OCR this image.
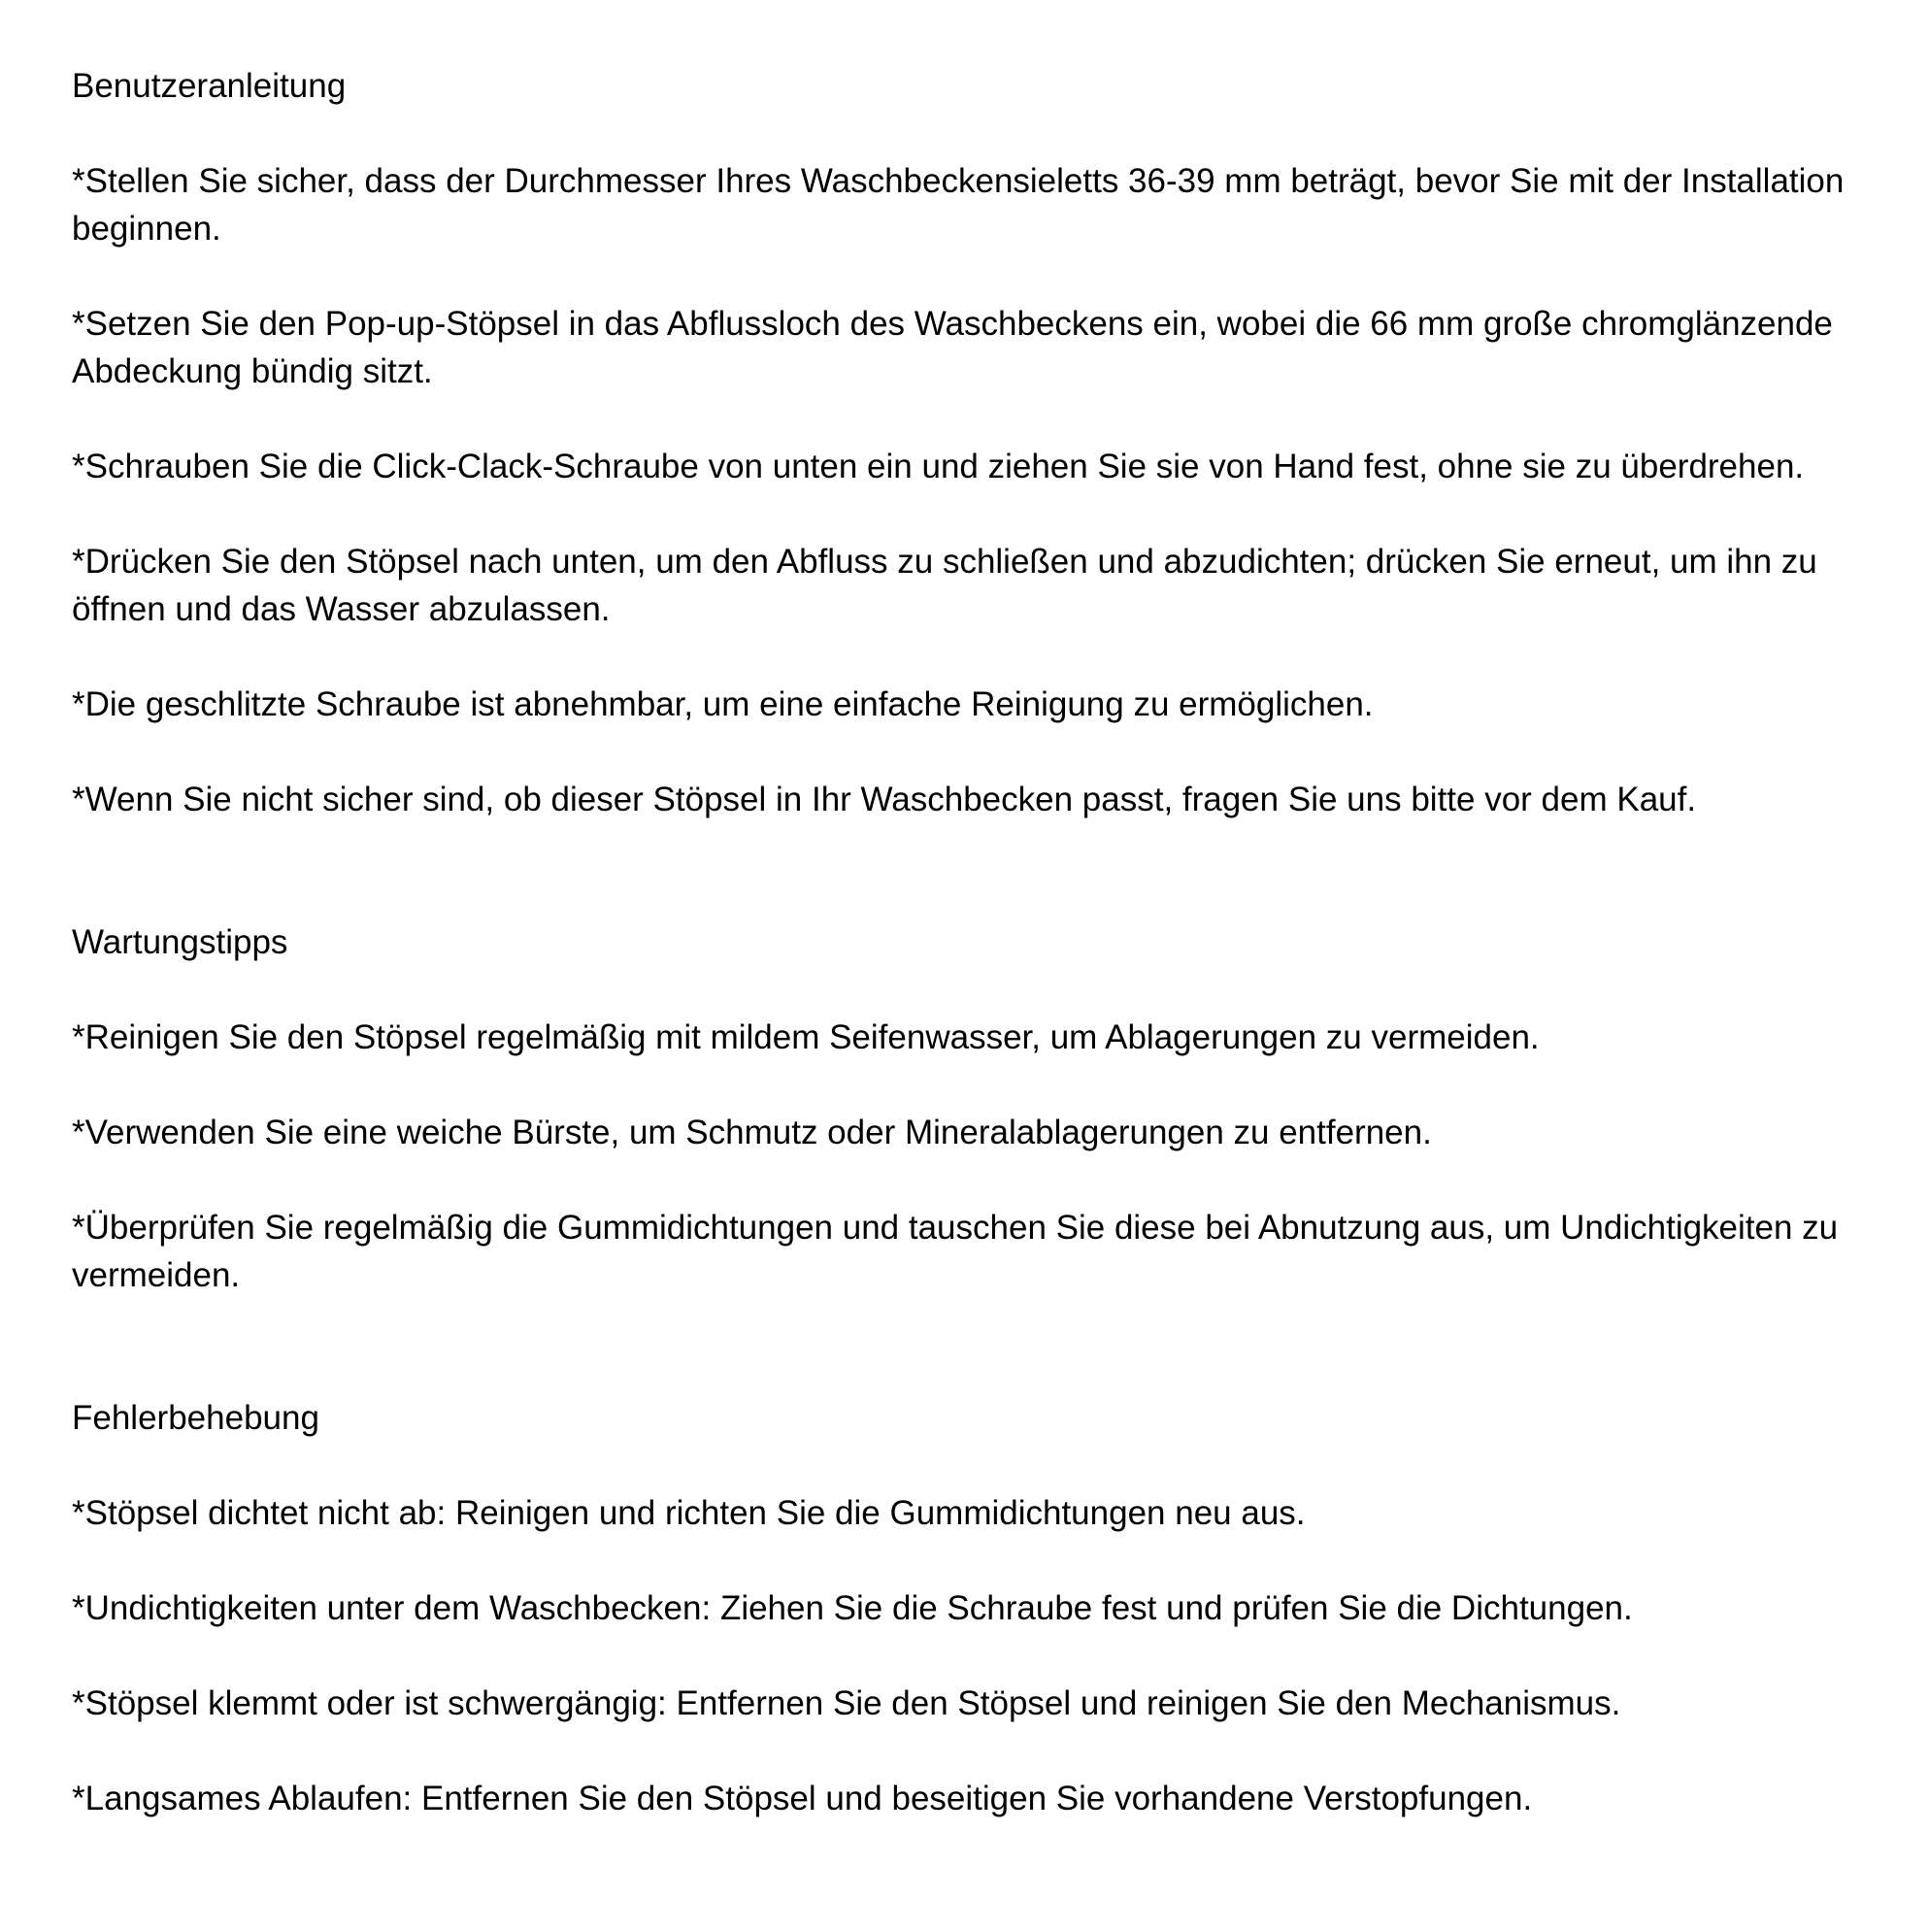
Benutzeranleitung

*Stellen Sie sicher, dass der Durchmesser Ihres Waschbeckensieletts 36-39 mm beträgt, bevor Sie mit der Installation beginnen.

*Setzen Sie den Pop-up-Stöpsel in das Abflussloch des Waschbeckens ein, wobei die 66 mm große chromglänzende Abdeckung bündig sitzt.

*Schrauben Sie die Click-Clack-Schraube von unten ein und ziehen Sie sie von Hand fest, ohne sie zu überdrehen.

*Drücken Sie den Stöpsel nach unten, um den Abfluss zu schließen und abzudichten; drücken Sie erneut, um ihn zu öffnen und das Wasser abzulassen.

*Die geschlitzte Schraube ist abnehmbar, um eine einfache Reinigung zu ermöglichen.

*Wenn Sie nicht sicher sind, ob dieser Stöpsel in Ihr Waschbecken passt, fragen Sie uns bitte vor dem Kauf.

Wartungstipps

*Reinigen Sie den Stöpsel regelmäßig mit mildem Seifenwasser, um Ablagerungen zu vermeiden.

*Verwenden Sie eine weiche Bürste, um Schmutz oder Mineralablagerungen zu entfernen.

*Überprüfen Sie regelmäßig die Gummidichtungen und tauschen Sie diese bei Abnutzung aus, um Undichtigkeiten zu vermeiden.

Fehlerbehebung

*Stöpsel dichtet nicht ab: Reinigen und richten Sie die Gummidichtungen neu aus.

*Undichtigkeiten unter dem Waschbecken: Ziehen Sie die Schraube fest und prüfen Sie die Dichtungen.

*Stöpsel klemmt oder ist schwergängig: Entfernen Sie den Stöpsel und reinigen Sie den Mechanismus.

*Langsames Ablaufen: Entfernen Sie den Stöpsel und beseitigen Sie vorhandene Verstopfungen.
